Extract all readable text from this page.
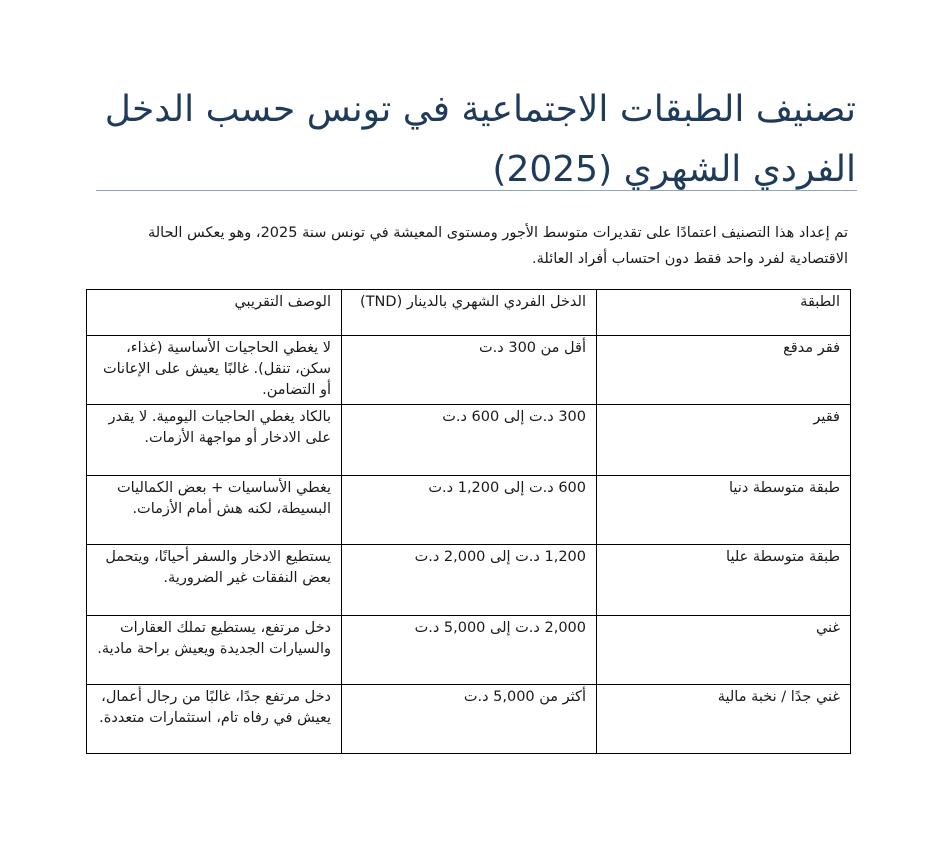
تصنيف الطبقات الاجتماعية في تونس حسب الدخل الفردي الشهري (2025)

تم إعداد هذا التصنيف اعتمادًا على تقديرات متوسط الأجور ومستوى المعيشة في تونس سنة 2025، وهو يعكس الحالة الاقتصادية لفرد واحد فقط دون احتساب أفراد العائلة.

الطبقة	الدخل الفردي الشهري بالدينار (TND)	الوصف التقريبي
فقر مدقع	أقل من 300 د.ت	لا يغطي الحاجيات الأساسية (غذاء، سكن، تنقل). غالبًا يعيش على الإعانات أو التضامن.
فقير	300 د.ت إلى 600 د.ت	بالكاد يغطي الحاجيات اليومية. لا يقدر على الادخار أو مواجهة الأزمات.
طبقة متوسطة دنيا	600 د.ت إلى 1,200 د.ت	يغطي الأساسيات + بعض الكماليات البسيطة، لكنه هش أمام الأزمات.
طبقة متوسطة عليا	1,200 د.ت إلى 2,000 د.ت	يستطيع الادخار والسفر أحيانًا، ويتحمل بعض النفقات غير الضرورية.
غني	2,000 د.ت إلى 5,000 د.ت	دخل مرتفع، يستطيع تملك العقارات والسيارات الجديدة ويعيش براحة مادية.
غني جدًا / نخبة مالية	أكثر من 5,000 د.ت	دخل مرتفع جدًا، غالبًا من رجال أعمال، يعيش في رفاه تام، استثمارات متعددة.
